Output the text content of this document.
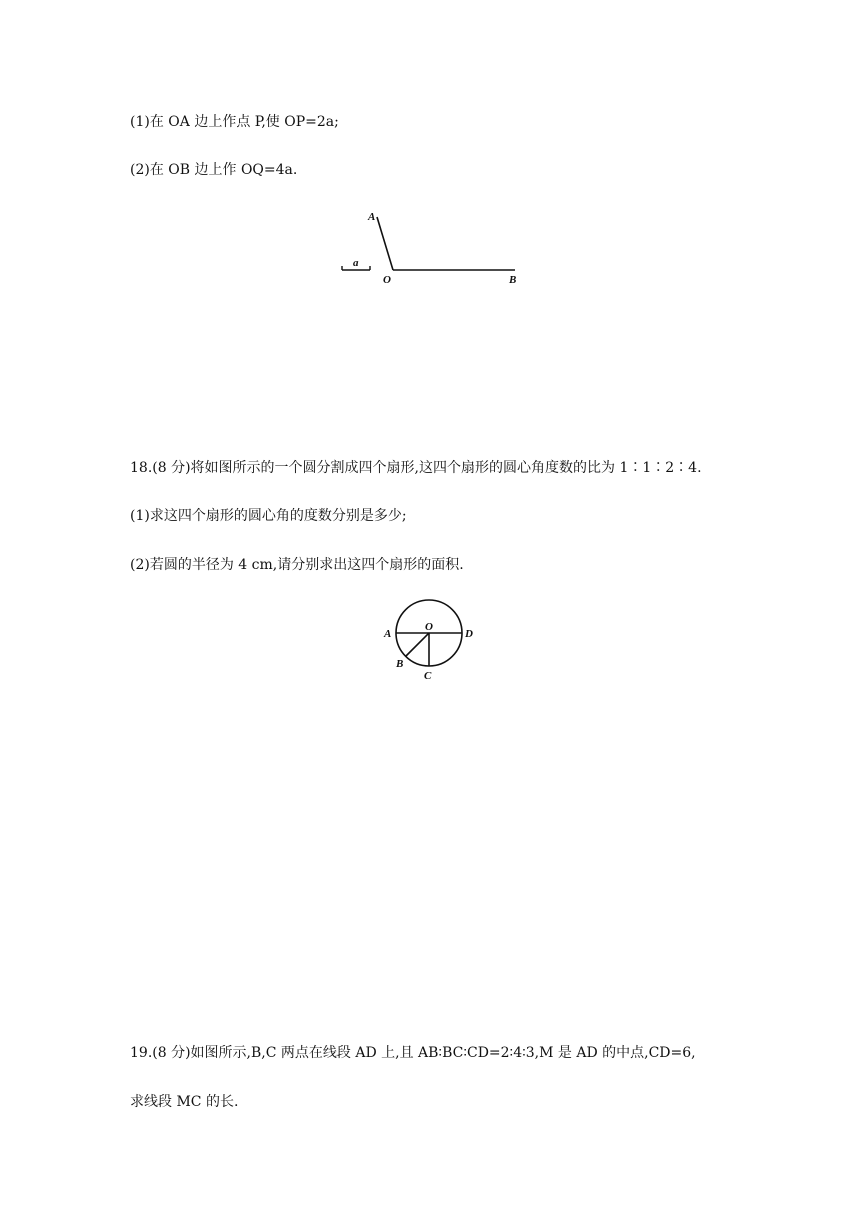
(1)在 OA 边上作点 P,使 OP=2a;
(2)在 OB 边上作 OQ=4a.
a
A
O	B
18.(8 分)将如图所示的一个圆分割成四个扇形,这四个扇形的圆心角度数的比为 1∶1∶2∶4.
(1)求这四个扇形的圆心角的度数分别是多少;
(2)若圆的半径为 4 cm,请分别求出这四个扇形的面积.
A
O
D
B
C
19.(8 分)如图所示,B,C 两点在线段 AD 上,且 AB∶BC∶CD=2∶4∶3,M 是 AD 的中点,CD=6,
求线段 MC 的长.
